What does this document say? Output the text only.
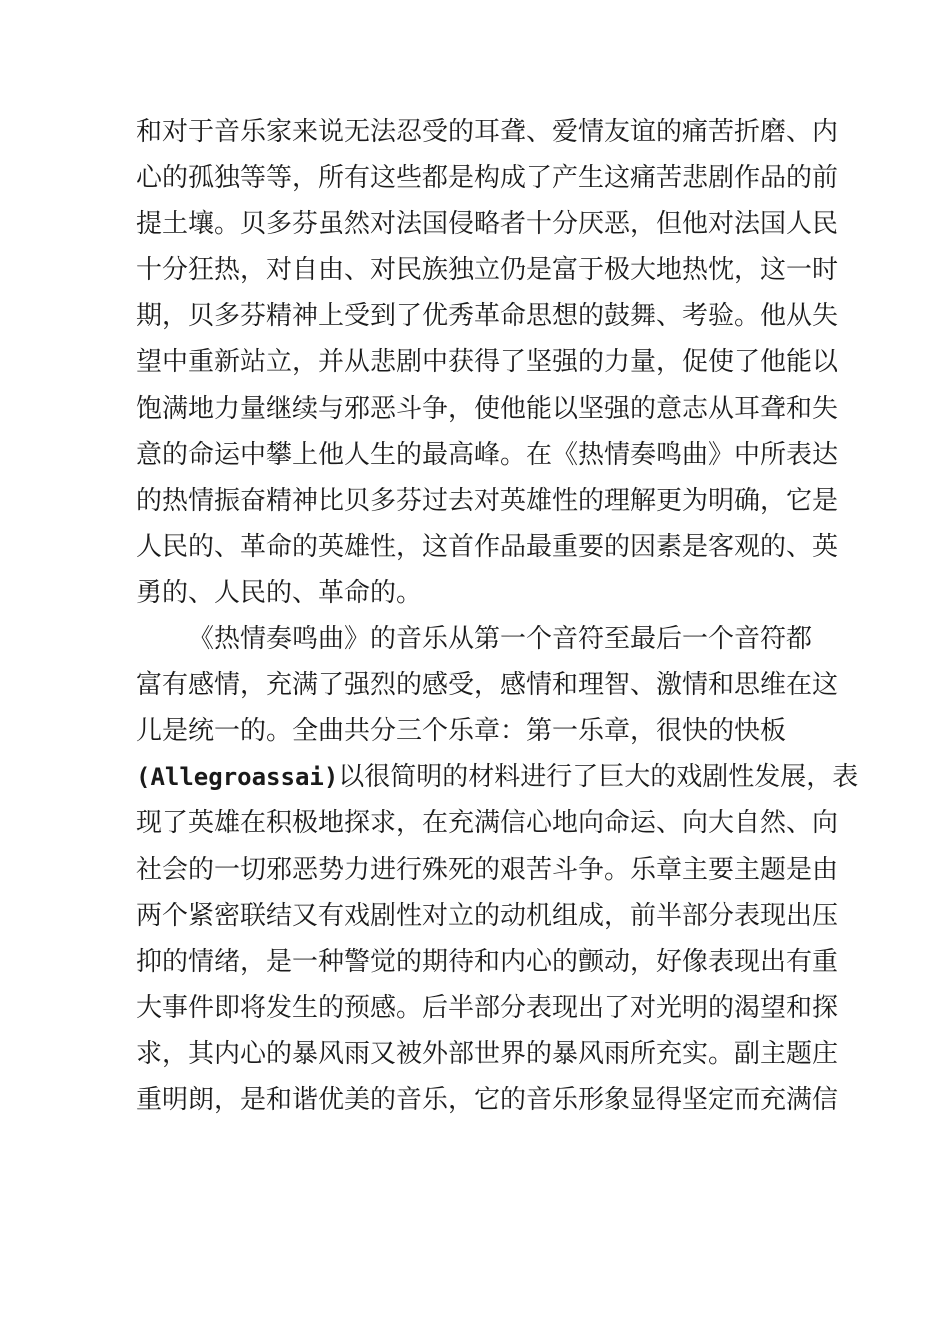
和对于音乐家来说无法忍受的耳聋、爱情友谊的痛苦折磨、内
心的孤独等等，所有这些都是构成了产生这痛苦悲剧作品的前
提土壤。贝多芬虽然对法国侵略者十分厌恶，但他对法国人民
十分狂热，对自由、对民族独立仍是富于极大地热忱，这一时
期，贝多芬精神上受到了优秀革命思想的鼓舞、考验。他从失
望中重新站立，并从悲剧中获得了坚强的力量，促使了他能以
饱满地力量继续与邪恶斗争，使他能以坚强的意志从耳聋和失
意的命运中攀上他人生的最高峰。在《热情奏鸣曲》中所表达
的热情振奋精神比贝多芬过去对英雄性的理解更为明确，它是
人民的、革命的英雄性，这首作品最重要的因素是客观的、英
勇的、人民的、革命的。
《热情奏鸣曲》的音乐从第一个音符至最后一个音符都
富有感情，充满了强烈的感受，感情和理智、激情和思维在这
儿是统一的。全曲共分三个乐章：第一乐章，很快的快板
(Allegroassai)以很简明的材料进行了巨大的戏剧性发展，表
现了英雄在积极地探求，在充满信心地向命运、向大自然、向
社会的一切邪恶势力进行殊死的艰苦斗争。乐章主要主题是由
两个紧密联结又有戏剧性对立的动机组成，前半部分表现出压
抑的情绪，是一种警觉的期待和内心的颤动，好像表现出有重
大事件即将发生的预感。后半部分表现出了对光明的渴望和探
求，其内心的暴风雨又被外部世界的暴风雨所充实。副主题庄
重明朗，是和谐优美的音乐，它的音乐形象显得坚定而充满信
